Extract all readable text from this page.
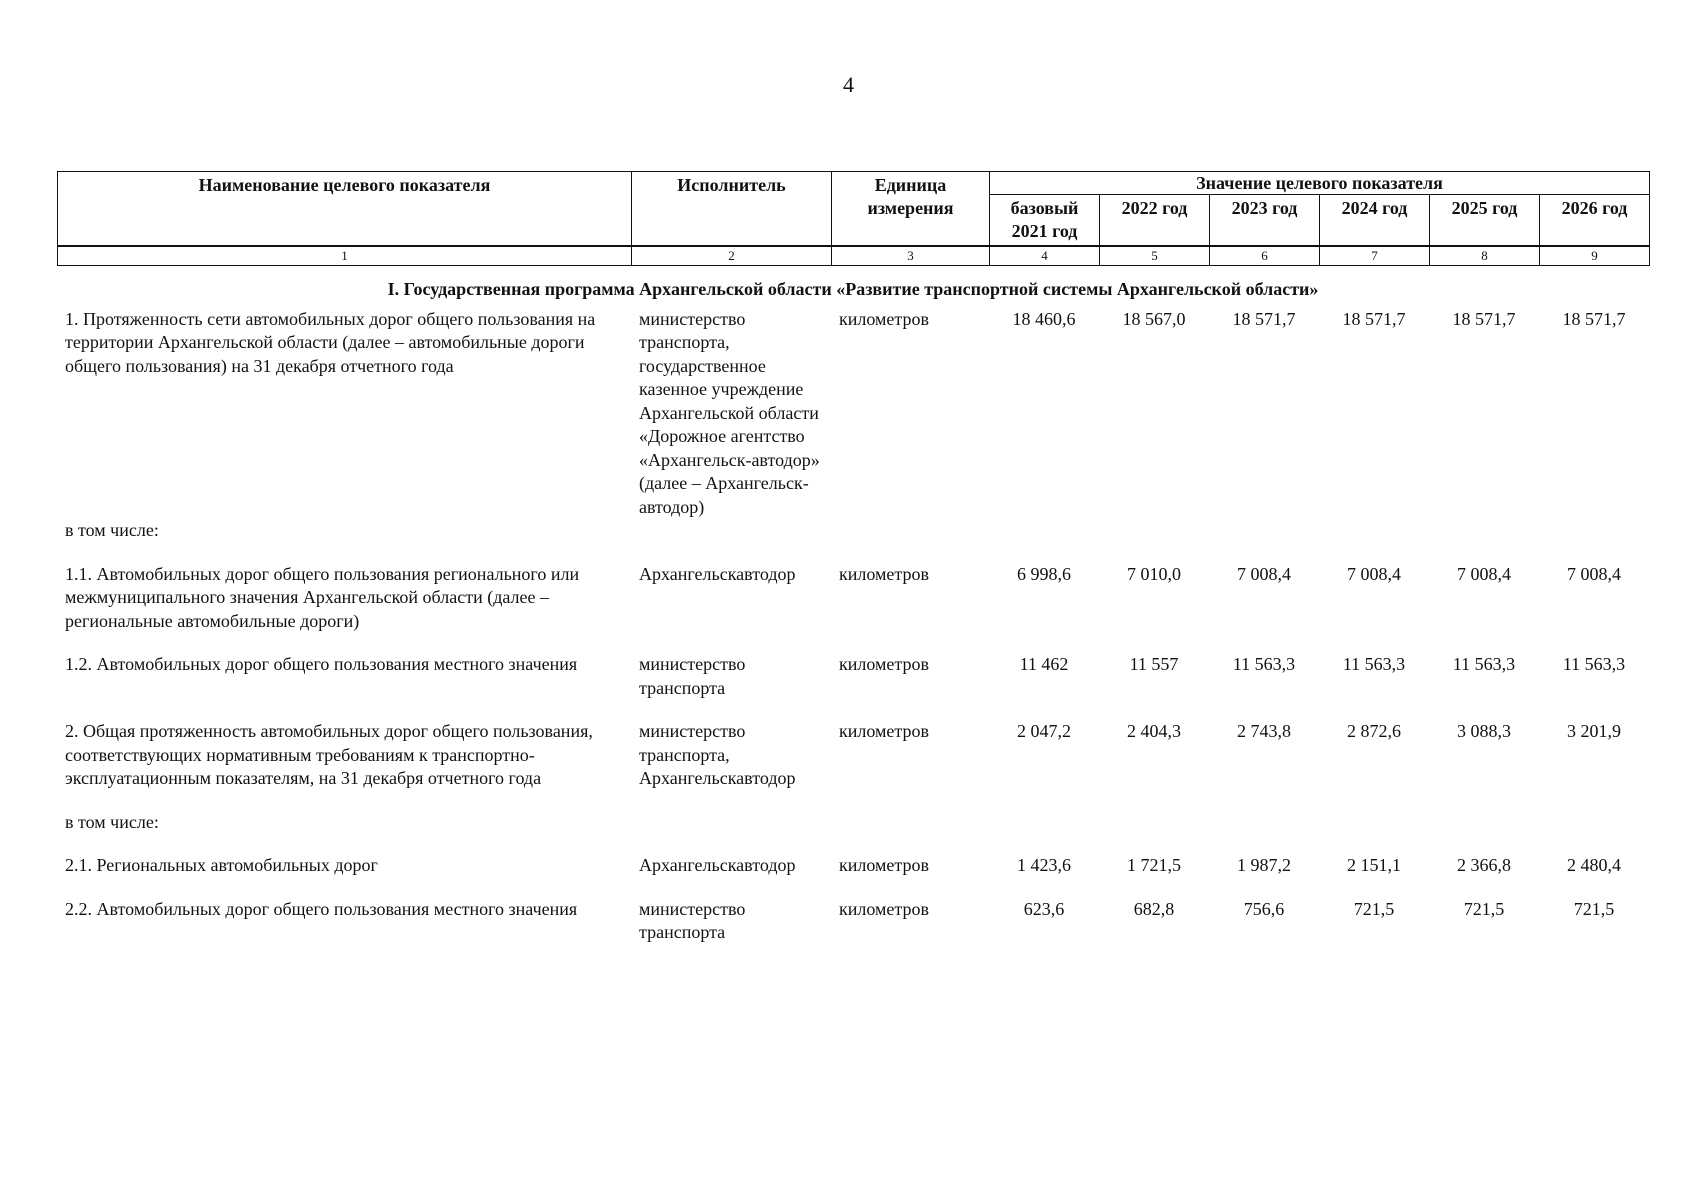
4
Наименование целевого показателя	Исполнитель	Единица измерения	Значение целевого показателя					
			базовый 2021 год	2022 год	2023 год	2024 год	2025 год	2026 год
1	2	3	4	5	6	7	8	9
I. Государственная программа Архангельской области «Развитие транспортной системы Архангельской области»								
1. Протяженность сети автомобильных дорог общего пользования на территории Архангельской области (далее – автомобильные дороги общего пользования) на 31 декабря отчетного года	министерство транспорта, государственное казенное учреждение Архангельской области «Дорожное агентство «Архангельск-автодор» (далее – Архангельск-автодор)	километров	18 460,6	18 567,0	18 571,7	18 571,7	18 571,7	18 571,7
в том числе:								

1.1. Автомобильных дорог общего пользования регионального или межмуниципального значения Архангельской области (далее – региональные автомобильные дороги)	Архангельскавтодор	километров	6 998,6	7 010,0	7 008,4	7 008,4	7 008,4	7 008,4

1.2. Автомобильных дорог общего пользования местного значения	министерство транспорта	километров	11 462	11 557	11 563,3	11 563,3	11 563,3	11 563,3

2. Общая протяженность автомобильных дорог общего пользования, соответствующих нормативным требованиям к транспортно-эксплуатационным показателям, на 31 декабря отчетного года	министерство транспорта, Архангельскавтодор	километров	2 047,2	2 404,3	2 743,8	2 872,6	3 088,3	3 201,9

в том числе:								

2.1. Региональных автомобильных дорог	Архангельскавтодор	километров	1 423,6	1 721,5	1 987,2	2 151,1	2 366,8	2 480,4

2.2. Автомобильных дорог общего пользования местного значения	министерство транспорта	километров	623,6	682,8	756,6	721,5	721,5	721,5
